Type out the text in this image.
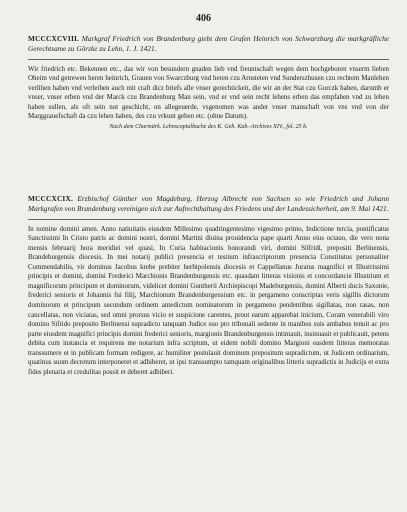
406

MCCCXCVIII. Markgraf Friedrich von Brandenburg giebt dem Grafen Heinrich von Schwarzburg die markgräfliche Gerechtsame zu Görzke zu Lehn, 1. J. 1421.

Wir friedrich etc. Bekennen etc., das wir von besundern gnaden lieb vnd freuntschaft wegen dem hochgeboren vnserm lieben Oheim vnd getrewen heren heinrich, Grauen von Swarczburg vnd heren czu Arnsteten vnd Sunderszhusen czu rechtem Manlehen verlihen haben vnd verleihen auch mit craft dicz briefs alle vnser gerechtickeit, die wir an der Stat czu Gorczk haben, darumb er vnser, vnser erben vnd der Marck czu Brandenburg Man sein, vnd er vnd sein recht lehens erben das empfahen vnd zu lehen haben sullen, als oft sein not geschicht, on allegeuerde, vsgenomen was ander vnser manschaft von vns vnd von der Marggrauefschaft da czu lehen haben, des czu vrkunt geben etc. (ohne Datum).

Nach dem Churmärk. Lehnscopialbuche des K. Geh. Kab.-Archives XIV., fol. 25 b.

MCCCXCIX. Erzbischof Günther von Magdeburg, Herzog Albrecht von Sachsen so wie Friedrich und Johann Markgrafen von Brandenburg vereinigen sich zur Aufrechthaltung des Friedens und der Landessicherheit, am 9. Mai 1421.

In nomine domini amen. Anno natiuitatis eiusdem Millesimo quadringentesimo vigesimo primo, Indictione tercia, pontificatus Sanctissimi In Cristo patris ac domini nostri, domini Martini diuina prouidencia pape quarti Anno eius octauo, die vero nona mensis februarij hora meridiei vel quasi, In Curia habitacionis honorandi viri, domini Silfridi, prepositi Berlinensis, Brandeburgensis diocesis, In mei notarij publici presencia et testium infrascriptorum presencia Constitutus personaliter Commendabilis, vir dominus Jacobus krebe prebiter herbipolensis diocesis et Cappellanus Juratus magnifici et Illustrissimi principis et domini, domini Frederici Marchionis Brandenburgensis etc. quasdam litteras visionis et concordancie Illustrium et magnificorum principum et dominorum, videlicet domini Guntherii Archiepiscopi Madeburgensis, domini Alberti ducis Saxonie, frederici senioris et Johannis fui filij, Marchionum Brandenburgensium etc. in pergameno conscriptas veris sigillis dictorum dominorum et principum secundum ordinem antedictum nominatorum in pergameno pendentibus sigillatas, non rasas, non cancellatas, non viciatas, sed omni prorsus vicio et suspicione carentes, prout earum apparebat inicium, Coram venerabili viro domino Sifrido preposito Berlinensi supradicto tanquam Judice suo pro tribunali sedente in manibus suis ambabus tenuit ac pro parte eiusdem magnifici principis domini frederici senioris, margionis Brandenburgensis intimauit, insinuauit et publicauit, petens debita cum instancia et requirens me notarium infra scriptum, ut eidem nobili domino Margioni easdem litteras memoratas transsumere et in publicam formam redigere, ac humiliter postulauit dominum prepositum supradictum, ut Judicem ordinarium, quatinus suum decretum interponeret et adhiberet, ut ipsi transsumpto tamquam originalibus litteris supradictis in Judicijs et extra fides plenaria et credulitas possit et deberet adhiberi.
